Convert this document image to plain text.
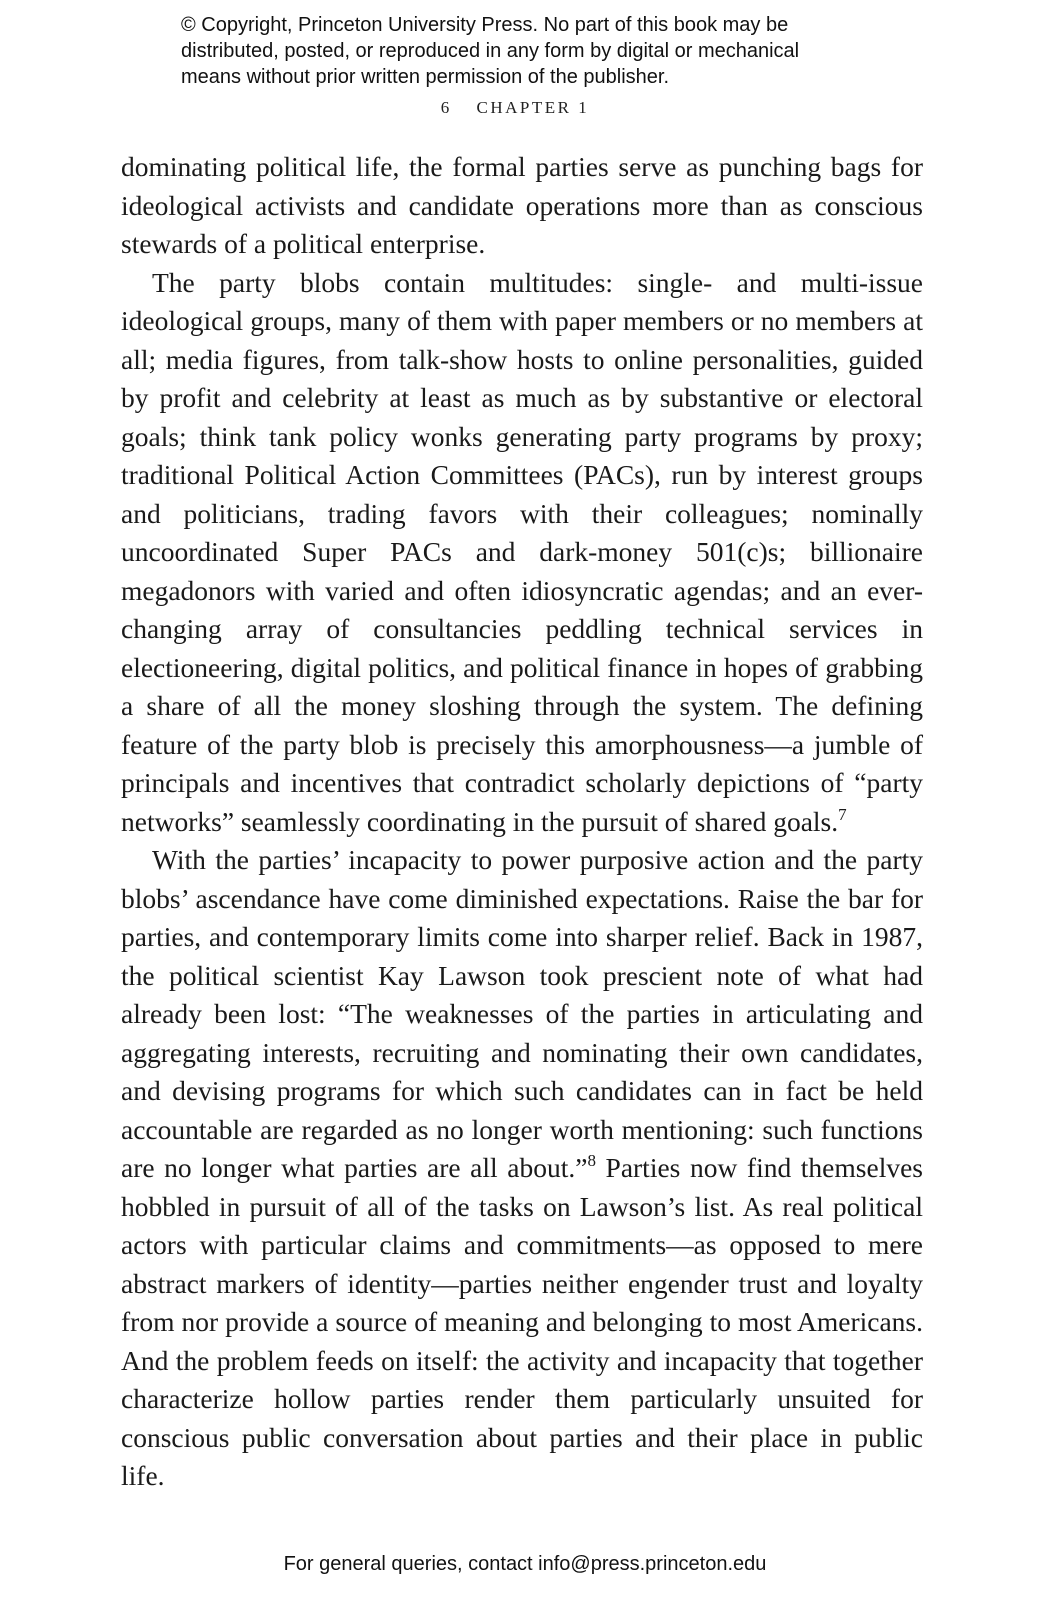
© Copyright, Princeton University Press. No part of this book may be
distributed, posted, or reproduced in any form by digital or mechanical
means without prior written permission of the publisher.
6 CHAPTER 1

dominating political life, the formal parties serve as punching bags for ideological activists and candidate operations more than as conscious stewards of a political enterprise.

The party blobs contain multitudes: single- and multi-issue ideological groups, many of them with paper members or no members at all; media figures, from talk-show hosts to online personalities, guided by profit and celebrity at least as much as by substantive or electoral goals; think tank policy wonks generating party programs by proxy; traditional Political Action Committees (PACs), run by interest groups and politicians, trading favors with their colleagues; nominally uncoordinated Super PACs and dark-money 501(c)s; billionaire megadonors with varied and often idiosyncratic agendas; and an ever-changing array of consultancies peddling technical services in electioneering, digital politics, and political finance in hopes of grabbing a share of all the money sloshing through the system. The defining feature of the party blob is precisely this amorphousness—a jumble of principals and incentives that contradict scholarly depictions of “party networks” seamlessly coordinating in the pursuit of shared goals.$^7$

With the parties’ incapacity to power purposive action and the party blobs’ ascendance have come diminished expectations. Raise the bar for parties, and contemporary limits come into sharper relief. Back in 1987, the political scientist Kay Lawson took prescient note of what had already been lost: “The weaknesses of the parties in articulating and aggregating interests, recruiting and nominating their own candidates, and devising programs for which such candidates can in fact be held accountable are regarded as no longer worth mentioning: such functions are no longer what parties are all about.”$^8$ Parties now find themselves hobbled in pursuit of all of the tasks on Lawson’s list. As real political actors with particular claims and commitments—as opposed to mere abstract markers of identity—parties neither engender trust and loyalty from nor provide a source of meaning and belonging to most Americans. And the problem feeds on itself: the activity and incapacity that together characterize hollow parties render them particularly unsuited for conscious public conversation about parties and their place in public life.

For general queries, contact info@press.princeton.edu
